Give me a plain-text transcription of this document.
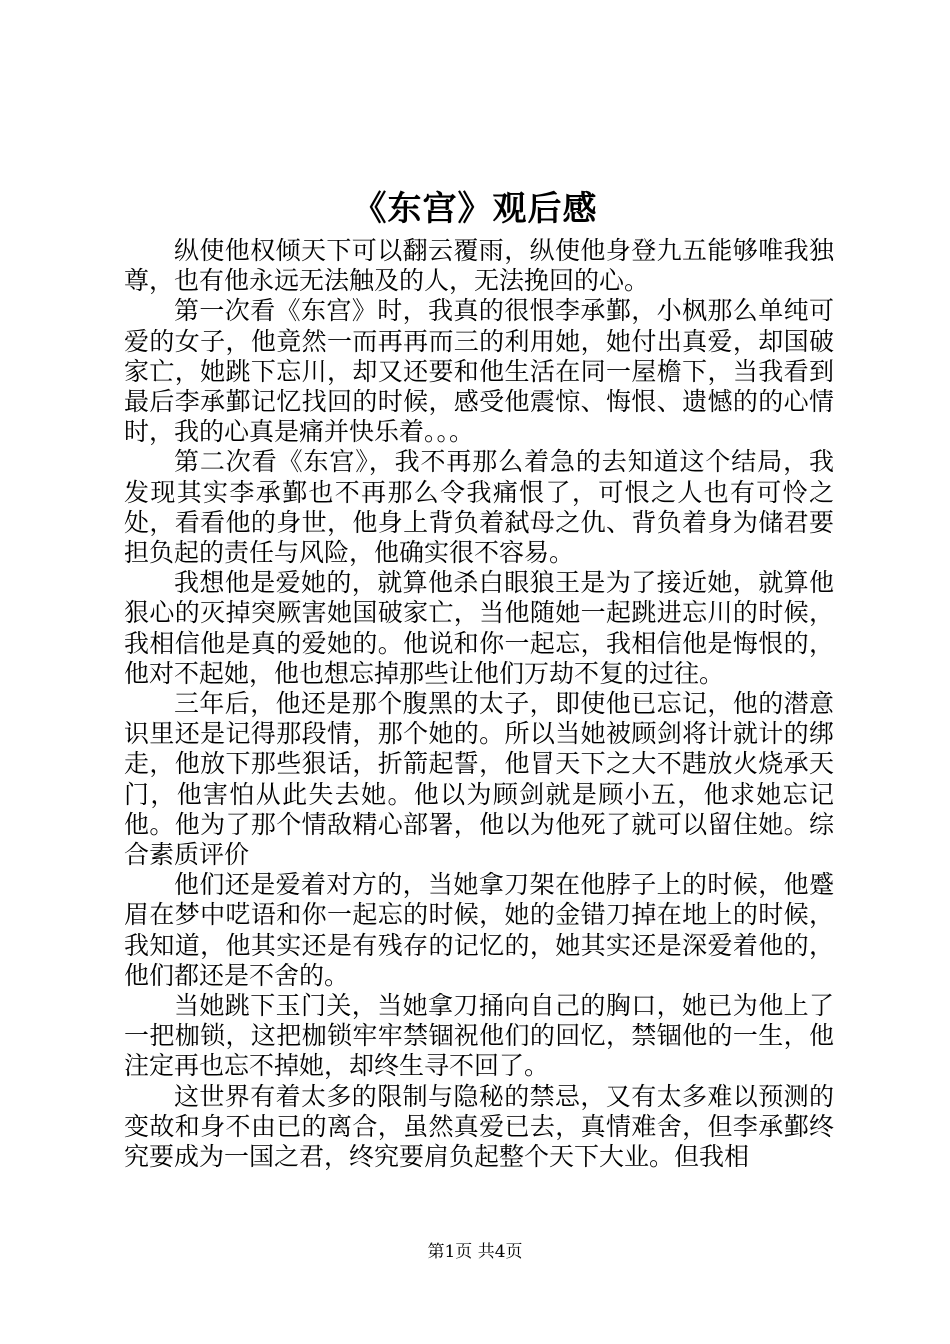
《东宫》观后感

纵使他权倾天下可以翻云覆雨，纵使他身登九五能够唯我独尊，也有他永远无法触及的人，无法挽回的心。

第一次看《东宫》时，我真的很恨李承鄞，小枫那么单纯可爱的女子，他竟然一而再再而三的利用她，她付出真爱，却国破家亡，她跳下忘川，却又还要和他生活在同一屋檐下，当我看到最后李承鄞记忆找回的时候，感受他震惊、悔恨、遗憾的的心情时，我的心真是痛并快乐着。。。

第二次看《东宫》，我不再那么着急的去知道这个结局，我发现其实李承鄞也不再那么令我痛恨了，可恨之人也有可怜之处，看看他的身世，他身上背负着弑母之仇、背负着身为储君要担负起的责任与风险，他确实很不容易。

我想他是爱她的，就算他杀白眼狼王是为了接近她，就算他狠心的灭掉突厥害她国破家亡，当他随她一起跳进忘川的时候，我相信他是真的爱她的。他说和你一起忘，我相信他是悔恨的，他对不起她，他也想忘掉那些让他们万劫不复的过往。

三年后，他还是那个腹黑的太子，即使他已忘记，他的潜意识里还是记得那段情，那个她的。所以当她被顾剑将计就计的绑走，他放下那些狠话，折箭起誓，他冒天下之大不韪放火烧承天门，他害怕从此失去她。他以为顾剑就是顾小五，他求她忘记他。他为了那个情敌精心部署，他以为他死了就可以留住她。综合素质评价

他们还是爱着对方的，当她拿刀架在他脖子上的时候，他蹙眉在梦中呓语和你一起忘的时候，她的金错刀掉在地上的时候，我知道，他其实还是有残存的记忆的，她其实还是深爱着他的，他们都还是不舍的。

当她跳下玉门关，当她拿刀捅向自己的胸口，她已为他上了一把枷锁，这把枷锁牢牢禁锢祝他们的回忆，禁锢他的一生，他注定再也忘不掉她，却终生寻不回了。

这世界有着太多的限制与隐秘的禁忌，又有太多难以预测的变故和身不由已的离合，虽然真爱已去，真情难舍，但李承鄞终究要成为一国之君，终究要肩负起整个天下大业。但我相

第1页 共4页
